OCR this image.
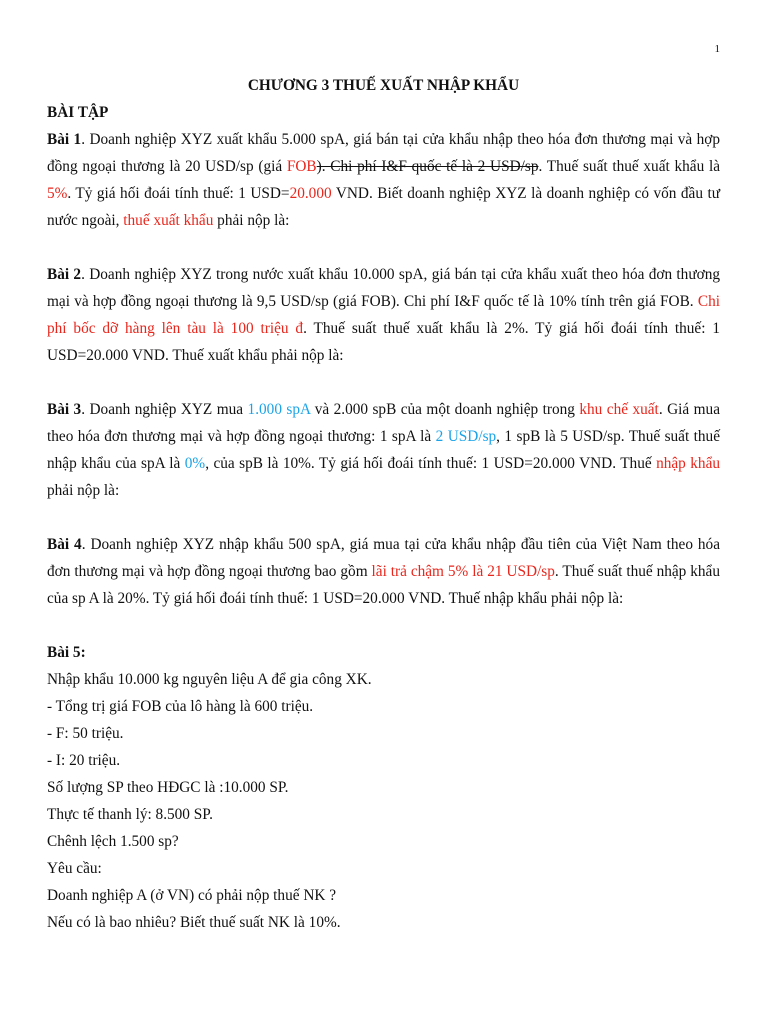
1
CHƯƠNG 3 THUẾ XUẤT NHẬP KHẨU
BÀI TẬP

Bài 1. Doanh nghiệp XYZ xuất khẩu 5.000 spA, giá bán tại cửa khẩu nhập theo hóa đơn thương mại và hợp đồng ngoại thương là 20 USD/sp (giá FOB). Chi phí I&F quốc tế là 2 USD/sp. Thuế suất thuế xuất khẩu là 5%. Tỷ giá hối đoái tính thuế: 1 USD=20.000 VND. Biết doanh nghiệp XYZ là doanh nghiệp có vốn đầu tư nước ngoài, thuế xuất khẩu phải nộp là:

Bài 2. Doanh nghiệp XYZ trong nước xuất khẩu 10.000 spA, giá bán tại cửa khẩu xuất theo hóa đơn thương mại và hợp đồng ngoại thương là 9,5 USD/sp (giá FOB). Chi phí I&F quốc tế là 10% tính trên giá FOB. Chi phí bốc dỡ hàng lên tàu là 100 triệu đ. Thuế suất thuế xuất khẩu là 2%. Tỷ giá hối đoái tính thuế: 1 USD=20.000 VND. Thuế xuất khẩu phải nộp là:

Bài 3. Doanh nghiệp XYZ mua 1.000 spA và 2.000 spB của một doanh nghiệp trong khu chế xuất. Giá mua theo hóa đơn thương mại và hợp đồng ngoại thương: 1 spA là 2 USD/sp, 1 spB là 5 USD/sp. Thuế suất thuế nhập khẩu của spA là 0%, của spB là 10%. Tỷ giá hối đoái tính thuế: 1 USD=20.000 VND. Thuế nhập khẩu phải nộp là:

Bài 4. Doanh nghiệp XYZ nhập khẩu 500 spA, giá mua tại cửa khẩu nhập đầu tiên của Việt Nam theo hóa đơn thương mại và hợp đồng ngoại thương bao gồm lãi trả chậm 5% là 21 USD/sp. Thuế suất thuế nhập khẩu của sp A là 20%. Tỷ giá hối đoái tính thuế: 1 USD=20.000 VND. Thuế nhập khẩu phải nộp là:

Bài 5:
Nhập khẩu 10.000 kg nguyên liệu A để gia công XK.
- Tổng trị giá FOB của lô hàng là 600 triệu.
- F: 50 triệu.
- I: 20 triệu.
Số lượng SP theo HĐGC là :10.000 SP.
Thực tế thanh lý: 8.500 SP.
Chênh lệch 1.500 sp?
Yêu cầu:
Doanh nghiệp A (ở VN) có phải nộp thuế NK ?
Nếu có là bao nhiêu? Biết thuế suất NK là 10%.
